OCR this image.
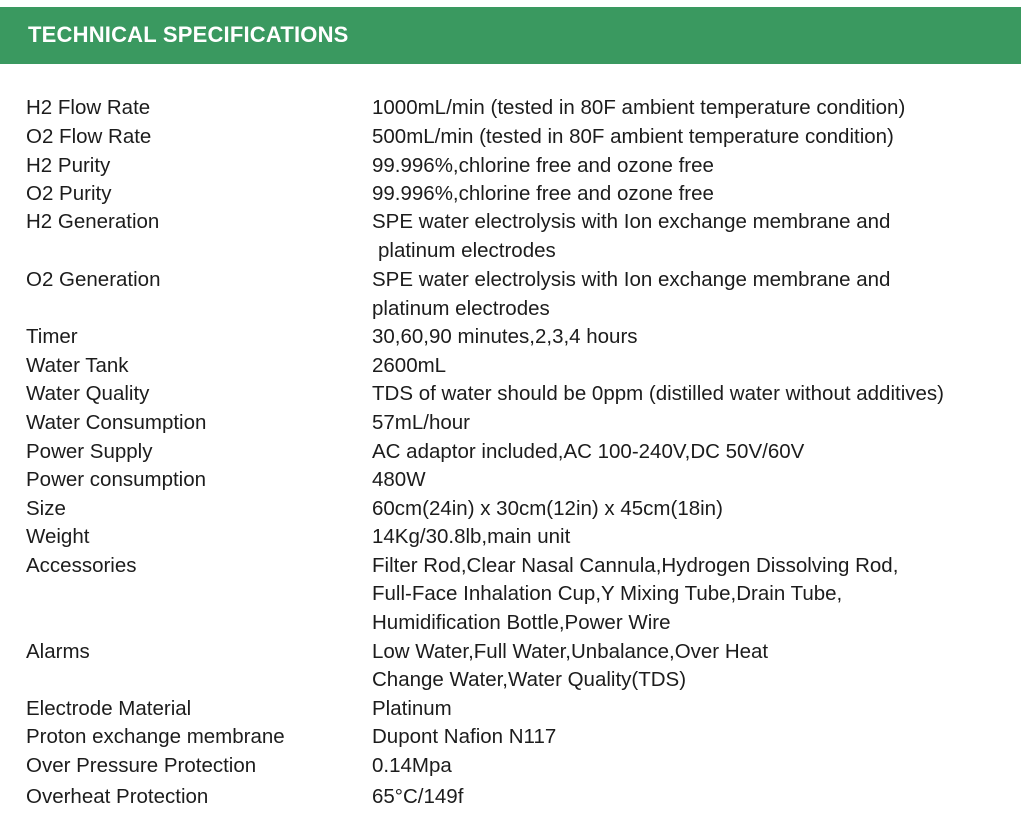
TECHNICAL SPECIFICATIONS
H2 Flow Rate	1000mL/min (tested in 80F ambient temperature condition)
O2 Flow Rate	500mL/min (tested in 80F ambient temperature condition)
H2 Purity	99.996%,chlorine free and ozone free
O2 Purity	99.996%,chlorine free and ozone free
H2 Generation	SPE water electrolysis with Ion exchange membrane and
platinum electrodes
O2 Generation	SPE water electrolysis with Ion exchange membrane and
platinum electrodes
Timer	30,60,90 minutes,2,3,4 hours
Water Tank	2600mL
Water Quality	TDS of water should be 0ppm (distilled water without additives)
Water Consumption	57mL/hour
Power Supply	AC adaptor included,AC 100-240V,DC 50V/60V
Power consumption	480W
Size	60cm(24in) x 30cm(12in) x 45cm(18in)
Weight	14Kg/30.8lb,main unit
Accessories	Filter Rod,Clear Nasal Cannula,Hydrogen Dissolving Rod,
Full-Face Inhalation Cup,Y Mixing Tube,Drain Tube,
Humidification Bottle,Power Wire
Alarms	Low Water,Full Water,Unbalance,Over Heat
Change Water,Water Quality(TDS)
Electrode Material	Platinum
Proton exchange membrane	Dupont Nafion N117
Over Pressure Protection	0.14Mpa
Overheat Protection	65°C/149f
